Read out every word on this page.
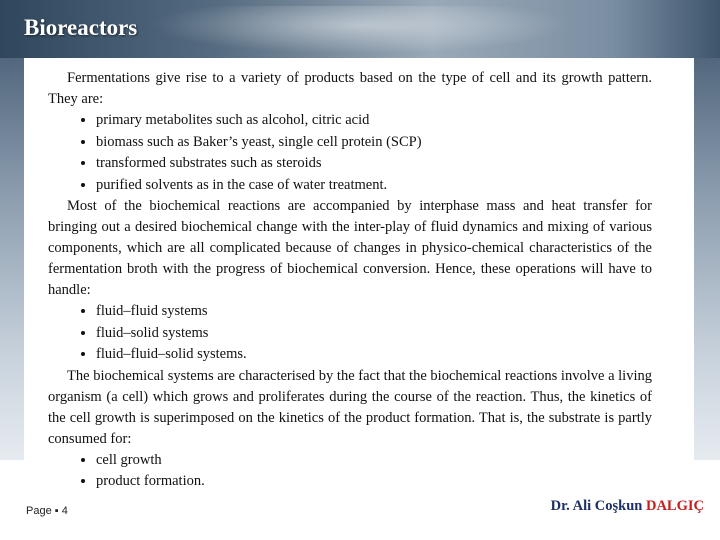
Bioreactors

Fermentations give rise to a variety of products based on the type of cell and its growth pattern. They are:

• primary metabolites such as alcohol, citric acid
• biomass such as Baker’s yeast, single cell protein (SCP)
• transformed substrates such as steroids
• purified solvents as in the case of water treatment.

Most of the biochemical reactions are accompanied by interphase mass and heat transfer for bringing out a desired biochemical change with the inter-play of fluid dynamics and mixing of various components, which are all complicated because of changes in physico-chemical characteristics of the fermentation broth with the progress of biochemical conversion. Hence, these operations will have to handle:

• fluid–fluid systems
• fluid–solid systems
• fluid–fluid–solid systems.

The biochemical systems are characterised by the fact that the biochemical reactions involve a living organism (a cell) which grows and proliferates during the course of the reaction. Thus, the kinetics of the cell growth is superimposed on the kinetics of the product formation. That is, the substrate is partly consumed for:

• cell growth
• product formation.
Page ▪ 4	Dr. Ali Coşkun DALGIÇ
